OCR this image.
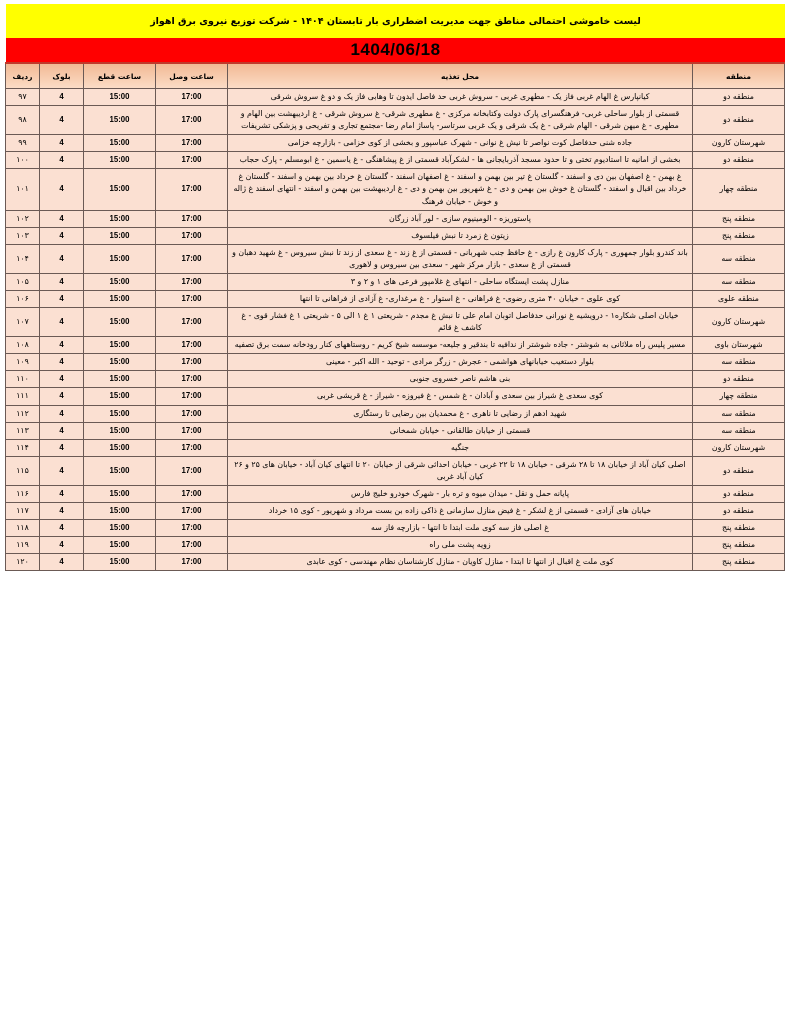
لیست خاموشی احتمالی مناطق جهت مدیریت اضطراری بار تابستان ۱۴۰۴ - شرکت توزیع نیروی برق اهواز
1404/06/18
منطقه	محل تغذیه	ساعت وصل	ساعت قطع	بلوک	ردیف
منطقه دو	کیانپارس غ الهام غربی فاز یک - مطهری غربی - سروش غربی حد فاصل ایدون تا وهابی فاز یک و دو غ سروش شرقی	17:00	15:00	4	۹۷
منطقه دو	قسمتی از بلوار ساحلی غربی- فرهنگسرای پارک دولت وکتابخانه مرکزی - غ مطهری شرقی- غ سروش شرقی - غ اردیبهشت بین الهام و مطهری - غ میهن شرقی - الهام شرقی - غ یک شرقی و یک غربی سرتاسر- پاساژ امام رضا -مجتمع تجاری و تفریحی و پزشکی تشریفات	17:00	15:00	4	۹۸
شهرستان کارون	جاده شنی حدفاصل کوت نواصر تا نیش غ نوانی - شهرک عباسپور و بخشی از کوی خزامی - بازارچه خزامی	17:00	15:00	4	۹۹
منطقه دو	بخشی از امانیه تا استادیوم تختی و تا حدود مسجد آذربایجانی ها - لشکرآباد قسمتی از غ پیشاهنگی - غ یاسمین - غ ابومسلم - پارک حجاب	17:00	15:00	4	۱۰۰
منطقه چهار	غ بهمن - غ اصفهان بین دی و اسفند - گلستان غ تیر بین بهمن و اسفند - غ اصفهان اسفند - گلستان غ خرداد بین بهمن و اسفند - گلستان غ خرداد بین اقبال و اسفند - گلستان غ خوش بین بهمن و دی - غ شهریور بین بهمن و دی - غ اردیبهشت بین بهمن و اسفند - انتهای اسفند غ ژاله و خوش - خیابان فرهنگ	17:00	15:00	4	۱۰۱
منطقه پنج	پاستوریزه - الومینیوم سازی - لور آباد زرگان	17:00	15:00	4	۱۰۲
منطقه پنج	زیتون غ زمرد تا نبش فیلسوف	17:00	15:00	4	۱۰۳
منطقه سه	باند کندرو بلوار جمهوری - پارک کارون غ رازی - غ حافظ جنب شهربانی - قسمتی از غ زند - غ سعدی از زند تا نبش سیروس - غ شهید دهبان و قسمتی از غ سعدی - بازار مرکز شهر - سعدی بین سیروس و لاهوری	17:00	15:00	4	۱۰۴
منطقه سه	منازل پشت ایستگاه ساحلی - انتهای غ غلامپور فرعی های ۱ و ۲ و ۳	17:00	15:00	4	۱۰۵
منطقه علوی	کوی علوی - خیابان ۴۰ متری رضوی- غ فراهانی - غ استوار - غ مرغداری- غ آزادی از فراهانی تا انتها	17:00	15:00	4	۱۰۶
شهرستان کارون	خیابان اصلی شکاره۱ - درویشیه غ نورانی حدفاصل اتوبان امام علی تا نبش غ مجدم - شریعتی ۱ غ ۱ الی ۵ - شریعتی ۱ غ فشار قوی - غ کاشف غ قائم	17:00	15:00	4	۱۰۷
شهرستان باوی	مسیر پلیس راه ملاثانی به شوشتر - جاده شوشتر از ندافیه تا بندقیر و جلیعه- موسسه شیخ کریم - روستاههای کنار رودخانه سمت برق تصفیه	17:00	15:00	4	۱۰۸
منطقه سه	بلوار دستغیب خیابانهای هواشمی - عجرش - زرگر مرادی - توحید - الله اکبر - معینی	17:00	15:00	4	۱۰۹
منطقه دو	بنی هاشم ناصر خسروی جنوبی	17:00	15:00	4	۱۱۰
منطقه چهار	کوی سعدی غ شیراز بین سعدی و آبادان - غ شمس - غ فیروزه - شیراز - غ قریشی غربی	17:00	15:00	4	۱۱۱
منطقه سه	شهید ادهم از رضایی تا ناهری - غ محمدیان بین رضایی تا رستگاری	17:00	15:00	4	۱۱۲
منطقه سه	قسمتی از خیابان طالقانی - خیابان شمخانی	17:00	15:00	4	۱۱۳
شهرستان کارون	جنگیه	17:00	15:00	4	۱۱۴
منطقه دو	اصلی کیان آباد از خیابان ۱۸ تا ۲۸ شرقی - خیابان ۱۸ تا ۲۲ غربی - خیابان احداثی شرقی از خیابان ۲۰ تا انتهای کیان آباد - خیابان های ۲۵ و ۲۶ کیان آباد غربی	17:00	15:00	4	۱۱۵
منطقه دو	پایانه حمل و نقل - میدان میوه و تره بار - شهرک خودرو خلیج فارس	17:00	15:00	4	۱۱۶
منطقه دو	خیابان های آزادی - قسمتی از غ لشکر - غ فیض منازل سازمانی غ ذاکی زاده بن بست مرداد و شهریور - کوی ۱۵ خرداد	17:00	15:00	4	۱۱۷
منطقه پنج	غ اصلی فاز سه کوی ملت ابتدا تا انتها - بازارچه فاز سه	17:00	15:00	4	۱۱۸
منطقه پنج	زویه پشت ملی راه	17:00	15:00	4	۱۱۹
منطقه پنج	کوی ملت غ اقبال از انتها تا ابتدا - منازل کاویان - منازل کارشناسان نظام مهندسی - کوی عابدی	17:00	15:00	4	۱۲۰
